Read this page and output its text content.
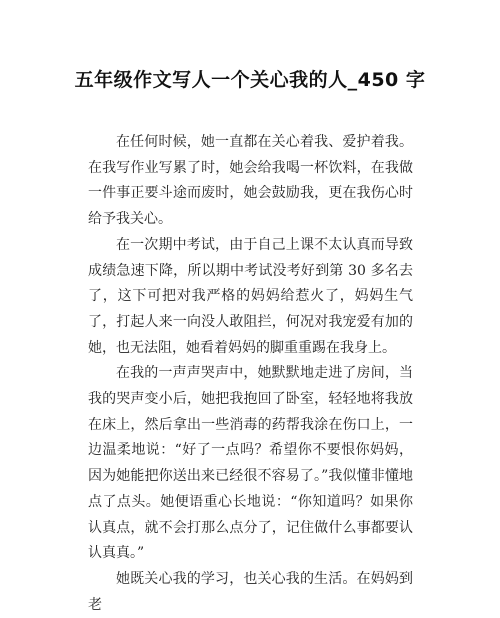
五年级作文写人一个关心我的人_450 字

在任何时候，她一直都在关心着我、爱护着我。在我写作业写累了时，她会给我喝一杯饮料，在我做一件事正要斗途而废时，她会鼓励我，更在我伤心时给予我关心。

在一次期中考试，由于自己上课不太认真而导致成绩急速下降，所以期中考试没考好到第 30 多名去了，这下可把对我严格的妈妈给惹火了，妈妈生气了，打起人来一向没人敢阻拦，何况对我宠爱有加的她，也无法阻，她看着妈妈的脚重重踢在我身上。

在我的一声声哭声中，她默默地走进了房间，当我的哭声变小后，她把我抱回了卧室，轻轻地将我放在床上，然后拿出一些消毒的药帮我涂在伤口上，一边温柔地说：“好了一点吗？希望你不要恨你妈妈，因为她能把你送出来已经很不容易了。”我似懂非懂地点了点头。她便语重心长地说：“你知道吗？如果你认真点，就不会打那么点分了，记住做什么事都要认认真真。”

她既关心我的学习，也关心我的生活。在妈妈到老
